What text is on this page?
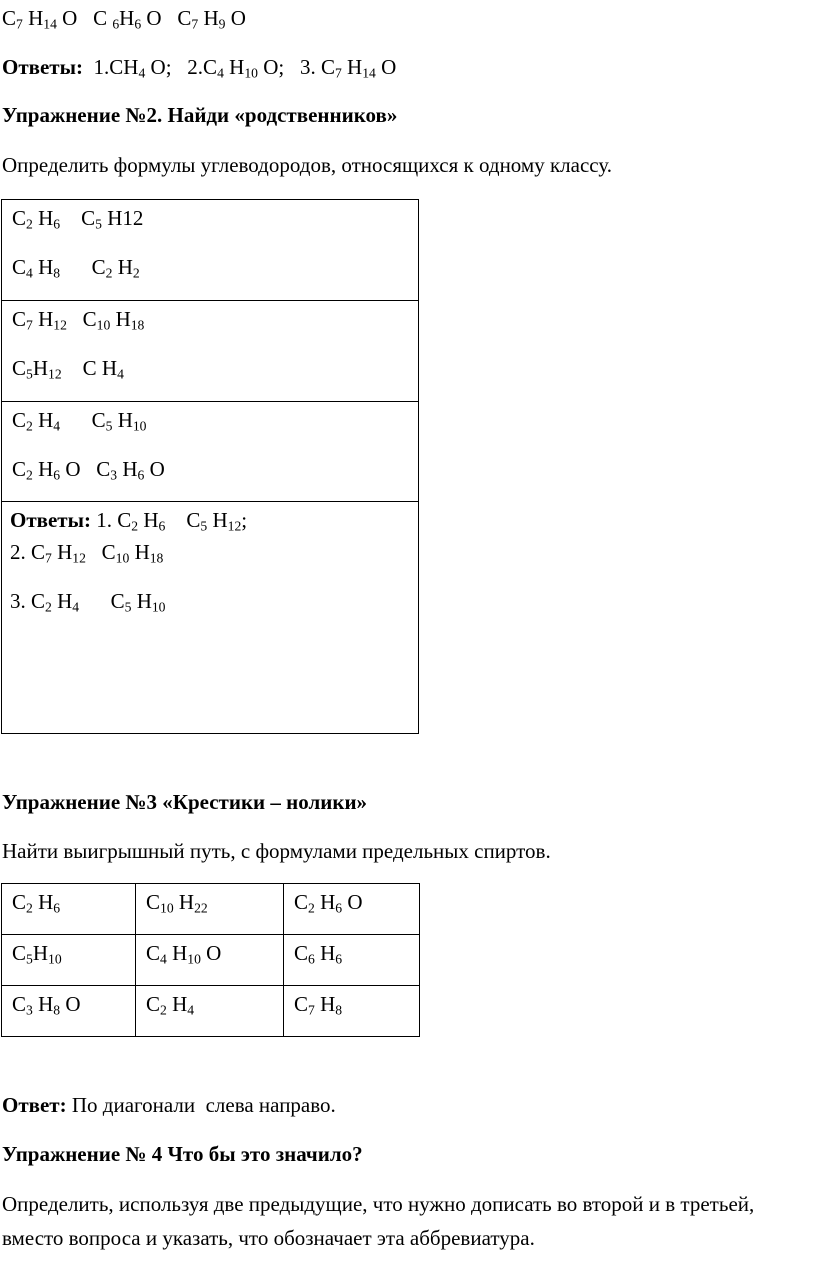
$C_7$ $H_{14}$ O   C $_6H_6$ O   $C_7$ $H_9$ O
Ответы:  $1.CH_4$ O;   $2.C_4$ $H_{10}$ O;   3. $C_7$ $H_{14}$ O
Упражнение №2. Найди «родственников»
Определить формулы углеводородов, относящихся к одному классу.
$C_2$ $H_6$    $C_5$ H12
$C_4$ $H_8$      $C_2$ $H_2$
$C_7$ $H_{12}$   $C_{10}$ $H_{18}$
$C_5H_{12}$    C $H_4$
$C_2$ $H_4$      $C_5$ $H_{10}$
$C_2$ $H_6$ O   $C_3$ $H_6$ O
Ответы: 1. $C_2$ $H_6$    $C_5$ $H_{12}$;
2. $C_7$ $H_{12}$   $C_{10}$ $H_{18}$
3. $C_2$ $H_4$      $C_5$ $H_{10}$
Упражнение №3 «Крестики – нолики»
Найти выигрышный путь, с формулами предельных спиртов.
$C_2$ $H_6$	$C_{10}$ $H_{22}$	$C_2$ $H_6$ O
$C_5H_{10}$	$C_4$ $H_{10}$ O	$C_6$ $H_6$
$C_3$ $H_8$ O	$C_2$ $H_4$	$C_7$ $H_8$
Ответ: По диагонали  слева направо.
Упражнение № 4 Что бы это значило?
Определить, используя две предыдущие, что нужно дописать во второй и в третьей, вместо вопроса и указать, что обозначает эта аббревиатура.
